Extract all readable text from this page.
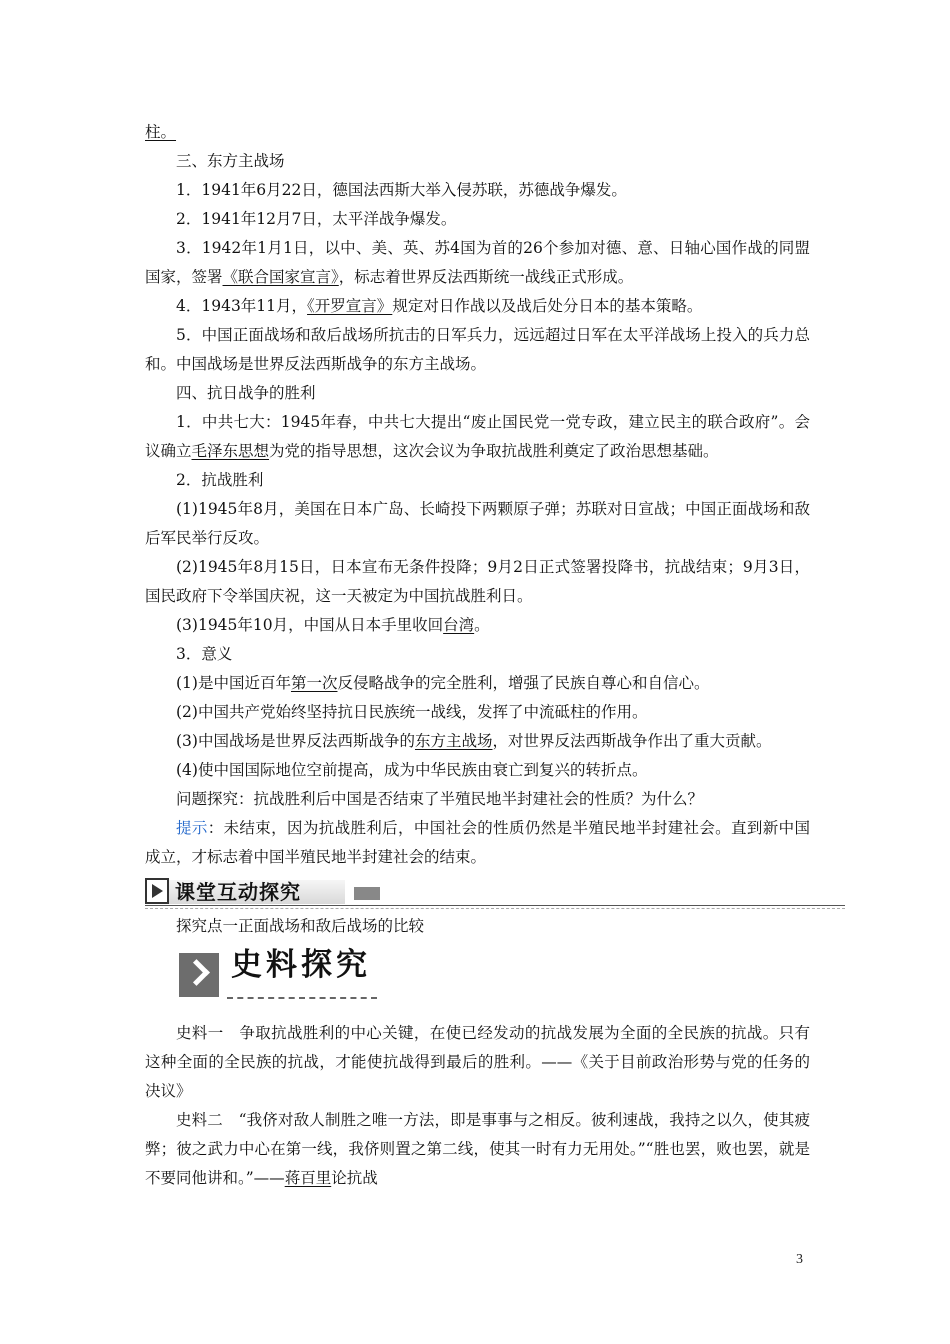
柱。

三、东方主战场

1．1941年6月22日，德国法西斯大举入侵苏联，苏德战争爆发。

2．1941年12月7日，太平洋战争爆发。

3．1942年1月1日，以中、美、英、苏4国为首的26个参加对德、意、日轴心国作战的同盟国家，签署《联合国家宣言》，标志着世界反法西斯统一战线正式形成。

4．1943年11月，《开罗宣言》规定对日作战以及战后处分日本的基本策略。

5．中国正面战场和敌后战场所抗击的日军兵力，远远超过日军在太平洋战场上投入的兵力总和。中国战场是世界反法西斯战争的东方主战场。

四、抗日战争的胜利

1．中共七大：1945年春，中共七大提出“废止国民党一党专政，建立民主的联合政府”。会议确立毛泽东思想为党的指导思想，这次会议为争取抗战胜利奠定了政治思想基础。

2．抗战胜利

(1)1945年8月，美国在日本广岛、长崎投下两颗原子弹；苏联对日宣战；中国正面战场和敌后军民举行反攻。

(2)1945年8月15日，日本宣布无条件投降；9月2日正式签署投降书，抗战结束；9月3日，国民政府下令举国庆祝，这一天被定为中国抗战胜利日。

(3)1945年10月，中国从日本手里收回台湾。

3．意义

(1)是中国近百年第一次反侵略战争的完全胜利，增强了民族自尊心和自信心。

(2)中国共产党始终坚持抗日民族统一战线，发挥了中流砥柱的作用。

(3)中国战场是世界反法西斯战争的东方主战场，对世界反法西斯战争作出了重大贡献。

(4)使中国国际地位空前提高，成为中华民族由衰亡到复兴的转折点。

问题探究：抗战胜利后中国是否结束了半殖民地半封建社会的性质？为什么？

提示：未结束，因为抗战胜利后，中国社会的性质仍然是半殖民地半封建社会。直到新中国成立，才标志着中国半殖民地半封建社会的结束。

课堂互动探究

探究点一正面战场和敌后战场的比较

史料探究

史料一　争取抗战胜利的中心关键，在使已经发动的抗战发展为全面的全民族的抗战。只有这种全面的全民族的抗战，才能使抗战得到最后的胜利。——《关于目前政治形势与党的任务的决议》

史料二　“我侪对敌人制胜之唯一方法，即是事事与之相反。彼利速战，我持之以久，使其疲弊；彼之武力中心在第一线，我侪则置之第二线，使其一时有力无用处。”“胜也罢，败也罢，就是不要同他讲和。”——蒋百里论抗战

3
